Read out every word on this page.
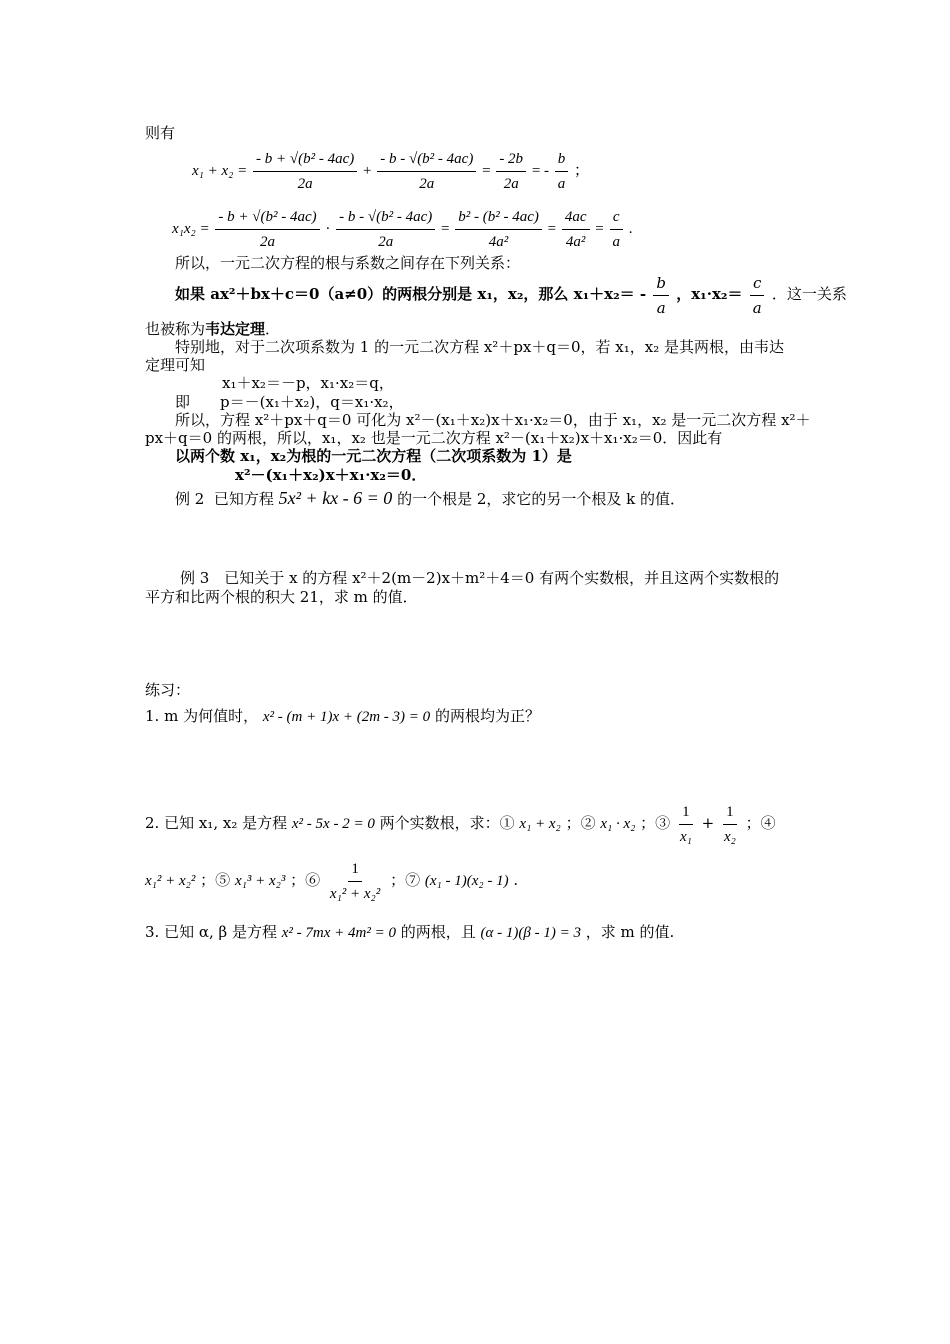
则有
$x_1 + x_2 = \frac{\text{- b + √(b² - 4ac)}}{2a} + \frac{\text{- b - √(b² - 4ac)}}{2a} = \frac{- 2b}{2a}$ = - $\frac{b}{a}$ ；
$x_1x_2 = \frac{\text{- b + √(b² - 4ac)}}{2a} \cdot \frac{\text{- b - √(b² - 4ac)}}{2a} = \frac{\text{b² - (b² - 4ac)}}{\text{4a²}} = \frac{4ac}{\text{4a²}} = \frac{c}{a}$ .
所以，一元二次方程的根与系数之间存在下列关系：
如果 ax²＋bx＋c＝0（a≠0）的两根分别是 x₁，x₂，那么 $x_1+x_2= - \frac{b}{a}$ ，$x_1\cdot x_2= \frac{c}{a}$ ．这一关系
也被称为韦达定理．
特别地，对于二次项系数为 1 的一元二次方程 x²＋px＋q＝0，若 x₁，x₂ 是其两根，由韦达
定理可知
x₁＋x₂＝－p，x₁·x₂＝q，
即　　p＝－(x₁＋x₂)，q＝x₁·x₂，
所以，方程 x²＋px＋q＝0 可化为 x²－(x₁＋x₂)x＋x₁·x₂＝0，由于 x₁，x₂ 是一元二次方程 x²＋
px＋q＝0 的两根，所以，x₁，x₂ 也是一元二次方程 x²－(x₁＋x₂)x＋x₁·x₂＝0．因此有
以两个数 x₁，x₂为根的一元二次方程（二次项系数为 1）是
x²－(x₁＋x₂)x＋x₁·x₂＝0．
例 2 已知方程 5x² + kx - 6 = 0 的一个根是 2，求它的另一个根及 k 的值．
例 3　已知关于 x 的方程 x²＋2(m－2)x＋m²＋4＝0 有两个实数根，并且这两个实数根的
平方和比两个根的积大 21，求 m 的值．
练习：
1. m 为何值时， x² - (m + 1)x + (2m - 3) = 0 的两根均为正？
2. 已知 x₁, x₂ 是方程 x² - 5x - 2 = 0 两个实数根，求：① x₁ + x₂ ；② x₁ · x₂ ；③ $\frac{1}{\text{x₁}} + \frac{1}{\text{x₂}}$ ；④
x₁² + x₂² ；⑤ x₁³ + x₂³ ；⑥ $\frac{1}{\text{x₁² + x₂²}}$ ；⑦ (x₁ - 1)(x₂ - 1) .
3. 已知 α, β 是方程 x² - 7mx + 4m² = 0 的两根，且 (α - 1)(β - 1) = 3 ，求 m 的值.
